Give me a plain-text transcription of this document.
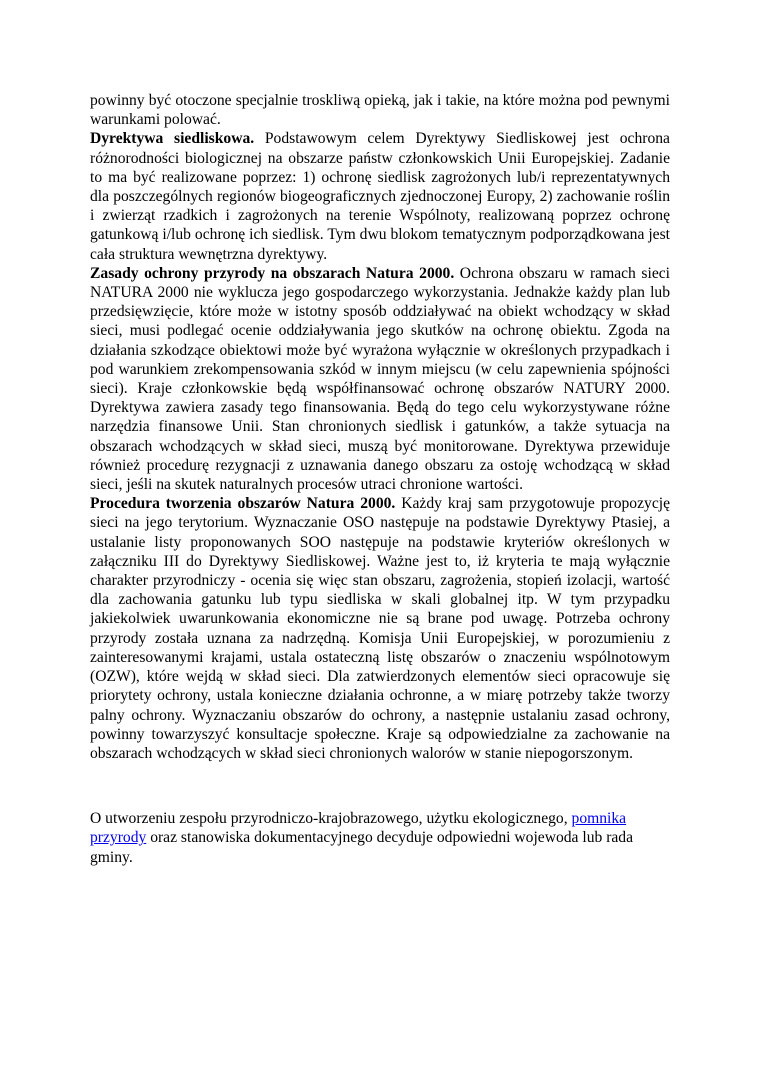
powinny być otoczone specjalnie troskliwą opieką, jak i takie, na które można pod pewnymi warunkami polować.

Dyrektywa siedliskowa. Podstawowym celem Dyrektywy Siedliskowej jest ochrona różnorodności biologicznej na obszarze państw członkowskich Unii Europejskiej. Zadanie to ma być realizowane poprzez: 1) ochronę siedlisk zagrożonych lub/i reprezentatywnych dla poszczególnych regionów biogeograficznych zjednoczonej Europy, 2) zachowanie roślin i zwierząt rzadkich i zagrożonych na terenie Wspólnoty, realizowaną poprzez ochronę gatunkową i/lub ochronę ich siedlisk. Tym dwu blokom tematycznym podporządkowana jest cała struktura wewnętrzna dyrektywy.

Zasady ochrony przyrody na obszarach Natura 2000. Ochrona obszaru w ramach sieci NATURA 2000 nie wyklucza jego gospodarczego wykorzystania. Jednakże każdy plan lub przedsięwzięcie, które może w istotny sposób oddziaływać na obiekt wchodzący w skład sieci, musi podlegać ocenie oddziaływania jego skutków na ochronę obiektu. Zgoda na działania szkodzące obiektowi może być wyrażona wyłącznie w określonych przypadkach i pod warunkiem zrekompensowania szkód w innym miejscu (w celu zapewnienia spójności sieci). Kraje członkowskie będą współfinansować ochronę obszarów NATURY 2000. Dyrektywa zawiera zasady tego finansowania. Będą do tego celu wykorzystywane różne narzędzia finansowe Unii. Stan chronionych siedlisk i gatunków, a także sytuacja na obszarach wchodzących w skład sieci, muszą być monitorowane. Dyrektywa przewiduje również procedurę rezygnacji z uznawania danego obszaru za ostoję wchodzącą w skład sieci, jeśli na skutek naturalnych procesów utraci chronione wartości.

Procedura tworzenia obszarów Natura 2000. Każdy kraj sam przygotowuje propozycję sieci na jego terytorium. Wyznaczanie OSO następuje na podstawie Dyrektywy Ptasiej, a ustalanie listy proponowanych SOO następuje na podstawie kryteriów określonych w załączniku III do Dyrektywy Siedliskowej. Ważne jest to, iż kryteria te mają wyłącznie charakter przyrodniczy - ocenia się więc stan obszaru, zagrożenia, stopień izolacji, wartość dla zachowania gatunku lub typu siedliska w skali globalnej itp. W tym przypadku jakiekolwiek uwarunkowania ekonomiczne nie są brane pod uwagę. Potrzeba ochrony przyrody została uznana za nadrzędną. Komisja Unii Europejskiej, w porozumieniu z zainteresowanymi krajami, ustala ostateczną listę obszarów o znaczeniu wspólnotowym (OZW), które wejdą w skład sieci. Dla zatwierdzonych elementów sieci opracowuje się priorytety ochrony, ustala konieczne działania ochronne, a w miarę potrzeby także tworzy palny ochrony. Wyznaczaniu obszarów do ochrony, a następnie ustalaniu zasad ochrony, powinny towarzyszyć konsultacje społeczne. Kraje są odpowiedzialne za zachowanie na obszarach wchodzących w skład sieci chronionych walorów w stanie niepogorszonym.

O utworzeniu zespołu przyrodniczo-krajobrazowego, użytku ekologicznego, pomnika przyrody oraz stanowiska dokumentacyjnego decyduje odpowiedni wojewoda lub rada gminy.
